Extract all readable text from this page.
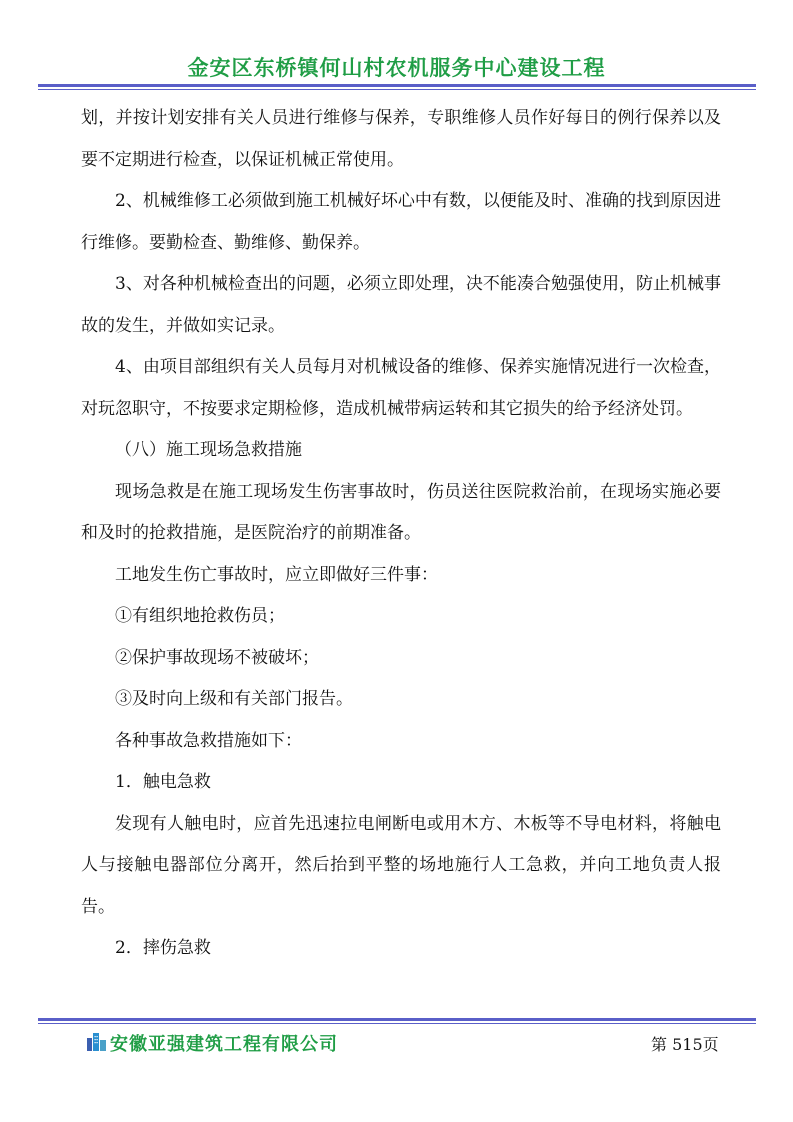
金安区东桥镇何山村农机服务中心建设工程

划，并按计划安排有关人员进行维修与保养，专职维修人员作好每日的例行保养以及要不定期进行检查，以保证机械正常使用。

2、机械维修工必须做到施工机械好坏心中有数，以便能及时、准确的找到原因进行维修。要勤检查、勤维修、勤保养。

3、对各种机械检查出的问题，必须立即处理，决不能凑合勉强使用，防止机械事故的发生，并做如实记录。

4、由项目部组织有关人员每月对机械设备的维修、保养实施情况进行一次检查，对玩忽职守，不按要求定期检修，造成机械带病运转和其它损失的给予经济处罚。

（八）施工现场急救措施

现场急救是在施工现场发生伤害事故时，伤员送往医院救治前，在现场实施必要和及时的抢救措施，是医院治疗的前期准备。

工地发生伤亡事故时，应立即做好三件事：

①有组织地抢救伤员；

②保护事故现场不被破坏；

③及时向上级和有关部门报告。

各种事故急救措施如下：

1．触电急救

发现有人触电时，应首先迅速拉电闸断电或用木方、木板等不导电材料，将触电人与接触电器部位分离开，然后抬到平整的场地施行人工急救，并向工地负责人报告。

2．摔伤急救

安徽亚强建筑工程有限公司	第 515页
